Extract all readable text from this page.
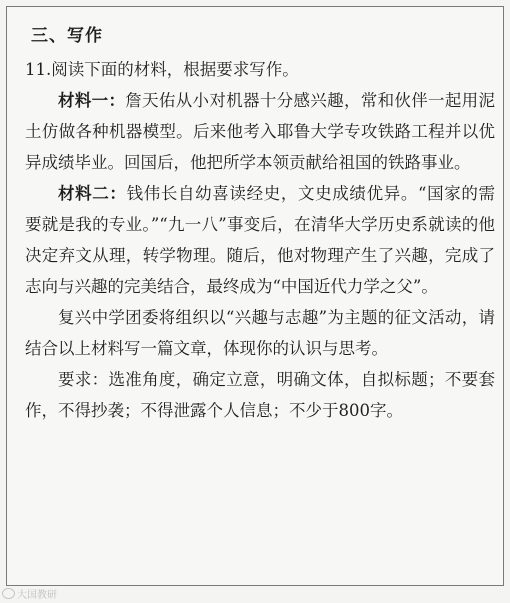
三、写作

11.阅读下面的材料，根据要求写作。

材料一：詹天佑从小对机器十分感兴趣，常和伙伴一起用泥土仿做各种机器模型。后来他考入耶鲁大学专攻铁路工程并以优异成绩毕业。回国后，他把所学本领贡献给祖国的铁路事业。

材料二：钱伟长自幼喜读经史，文史成绩优异。“国家的需要就是我的专业。”“九一八”事变后，在清华大学历史系就读的他决定弃文从理，转学物理。随后，他对物理产生了兴趣，完成了志向与兴趣的完美结合，最终成为“中国近代力学之父”。

复兴中学团委将组织以“兴趣与志趣”为主题的征文活动，请结合以上材料写一篇文章，体现你的认识与思考。

要求：选准角度，确定立意，明确文体，自拟标题；不要套作，不得抄袭；不得泄露个人信息；不少于800字。

大国教研
